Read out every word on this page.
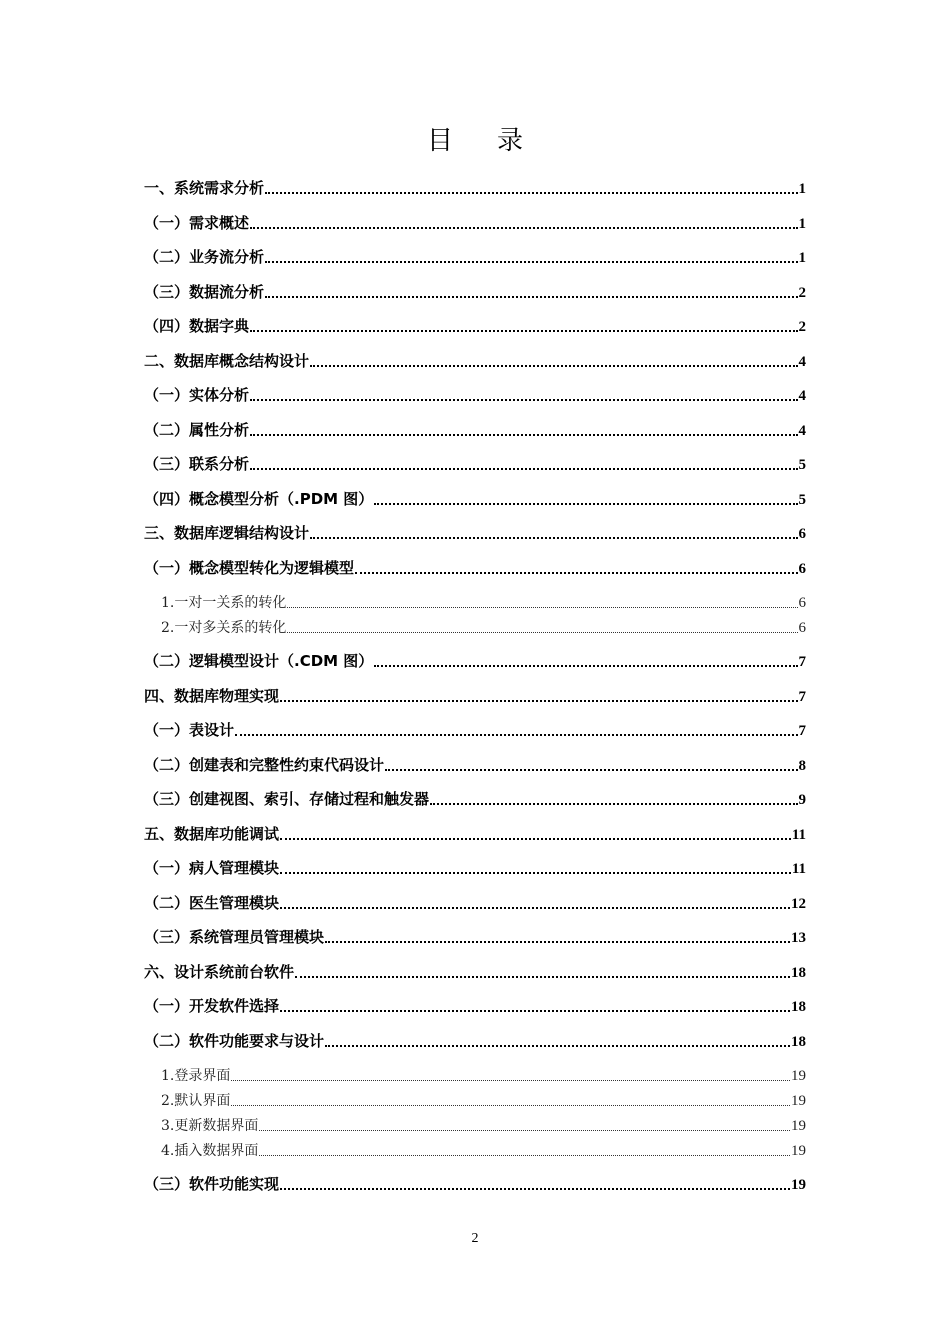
目录
一、系统需求分析	1
（一）需求概述	1
（二）业务流分析	1
（三）数据流分析	2
（四）数据字典	2
二、数据库概念结构设计	4
（一）实体分析	4
（二）属性分析	4
（三）联系分析	5
（四）概念模型分析（.PDM 图）	5
三、数据库逻辑结构设计	6
（一）概念模型转化为逻辑模型	6
1.一对一关系的转化	6
2.一对多关系的转化	6
（二）逻辑模型设计（.CDM 图）	7
四、数据库物理实现	7
（一）表设计	7
（二）创建表和完整性约束代码设计	8
（三）创建视图、索引、存储过程和触发器	9
五、数据库功能调试	11
（一）病人管理模块	11
（二）医生管理模块	12
（三）系统管理员管理模块	13
六、设计系统前台软件	18
（一）开发软件选择	18
（二）软件功能要求与设计	18
1.登录界面	19
2.默认界面	19
3.更新数据界面	19
4.插入数据界面	19
（三）软件功能实现	19
2
